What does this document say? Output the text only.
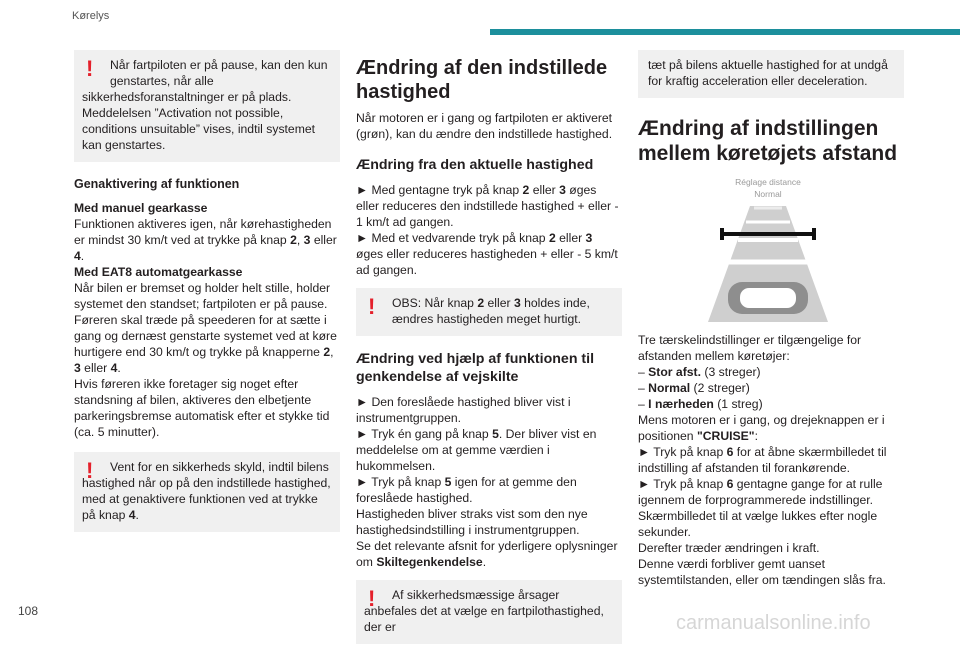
Kørelys
!	Når fartpiloten er på pause, kan den kun

genstartes, når alle

sikkerhedsforanstaltninger er på plads.

Meddelelsen ”Activation not possible,

conditions unsuitable” vises, indtil systemet

kan genstartes.

Genaktivering af funktionen

Med manuel gearkasse

Funktionen aktiveres igen, når kørehastigheden er mindst 30 km/t ved at trykke på knap 2, 3 eller 4.

Med EAT8 automatgearkasse

Når bilen er bremset og holder helt stille, holder systemet den standset; fartpiloten er på pause. Føreren skal træde på speederen for at sætte i gang og dernæst genstarte systemet ved at køre hurtigere end 30 km/t og trykke på knapperne 2, 3 eller 4.

Hvis føreren ikke foretager sig noget efter standsning af bilen, aktiveres den elbetjente parkeringsbremse automatisk efter et stykke tid (ca. 5 minutter).

!	Vent for en sikkerheds skyld, indtil bilens hastighed når op på den indstillede hastighed, med at genaktivere funktionen ved at trykke på knap 4.

Ændring af den indstillede hastighed

Når motoren er i gang og fartpiloten er aktiveret (grøn), kan du ændre den indstillede hastighed.

Ændring fra den aktuelle hastighed

► Med gentagne tryk på knap 2 eller 3 øges eller reduceres den indstillede hastighed + eller - 1 km/t ad gangen.

► Med et vedvarende tryk på knap 2 eller 3 øges eller reduceres hastigheden + eller - 5 km/t ad gangen.

!	OBS: Når knap 2 eller 3 holdes inde, ændres hastigheden meget hurtigt.

Ændring ved hjælp af funktionen til genkendelse af vejskilte

► Den foreslåede hastighed bliver vist i instrumentgruppen.

► Tryk én gang på knap 5. Der bliver vist en meddelelse om at gemme værdien i hukommelsen.

► Tryk på knap 5 igen for at gemme den foreslåede hastighed.

Hastigheden bliver straks vist som den nye hastighedsindstilling i instrumentgruppen.

Se det relevante afsnit for yderligere oplysninger om Skiltegenkendelse.

!	Af sikkerhedsmæssige årsager anbefales det at vælge en fartpilothastighed, der er

tæt på bilens aktuelle hastighed for at undgå for kraftig acceleration eller deceleration.

Ændring af indstillingen mellem køretøjets afstand
Réglage distance
Normal

Tre tærskelindstillinger er tilgængelige for afstanden mellem køretøjer:

– Stor afst. (3 streger)

– Normal (2 streger)

– I nærheden (1 streg)

Mens motoren er i gang, og drejeknappen er i positionen "CRUISE":

► Tryk på knap 6 for at åbne skærmbilledet til indstilling af afstanden til forankørende.

► Tryk på knap 6 gentagne gange for at rulle igennem de forprogrammerede indstillinger.

Skærmbilledet til at vælge lukkes efter nogle sekunder.

Derefter træder ændringen i kraft.

Denne værdi forbliver gemt uanset systemtilstanden, eller om tændingen slås fra.

108
carmanualsonline.info
